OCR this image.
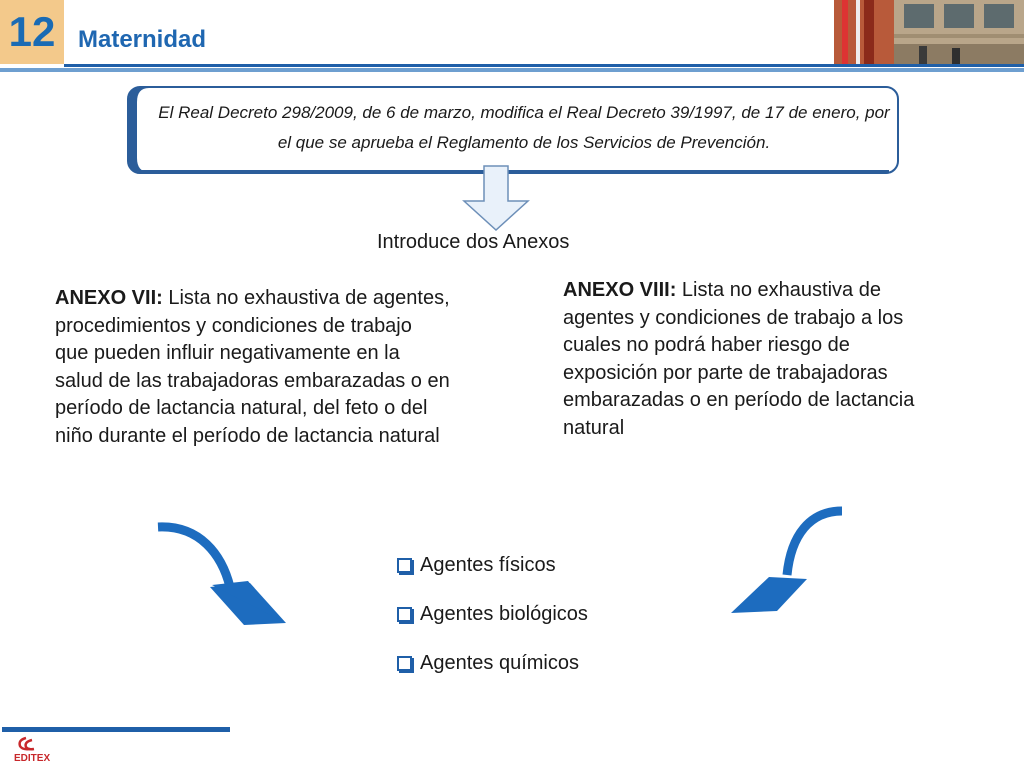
12 Maternidad
El Real Decreto 298/2009, de 6 de marzo, modifica el Real Decreto 39/1997, de 17 de enero, por el que se aprueba el Reglamento de los Servicios de Prevención.
Introduce dos Anexos
ANEXO VII: Lista no exhaustiva de agentes, procedimientos y condiciones de trabajo que pueden influir negativamente en la salud de las trabajadoras embarazadas o en período de lactancia natural, del feto o del niño durante el período de lactancia natural
ANEXO VIII: Lista no exhaustiva de agentes y condiciones de trabajo a los cuales no podrá haber riesgo de exposición por parte de trabajadoras embarazadas o en período de lactancia natural
Agentes físicos
Agentes biológicos
Agentes químicos
EDITEX
